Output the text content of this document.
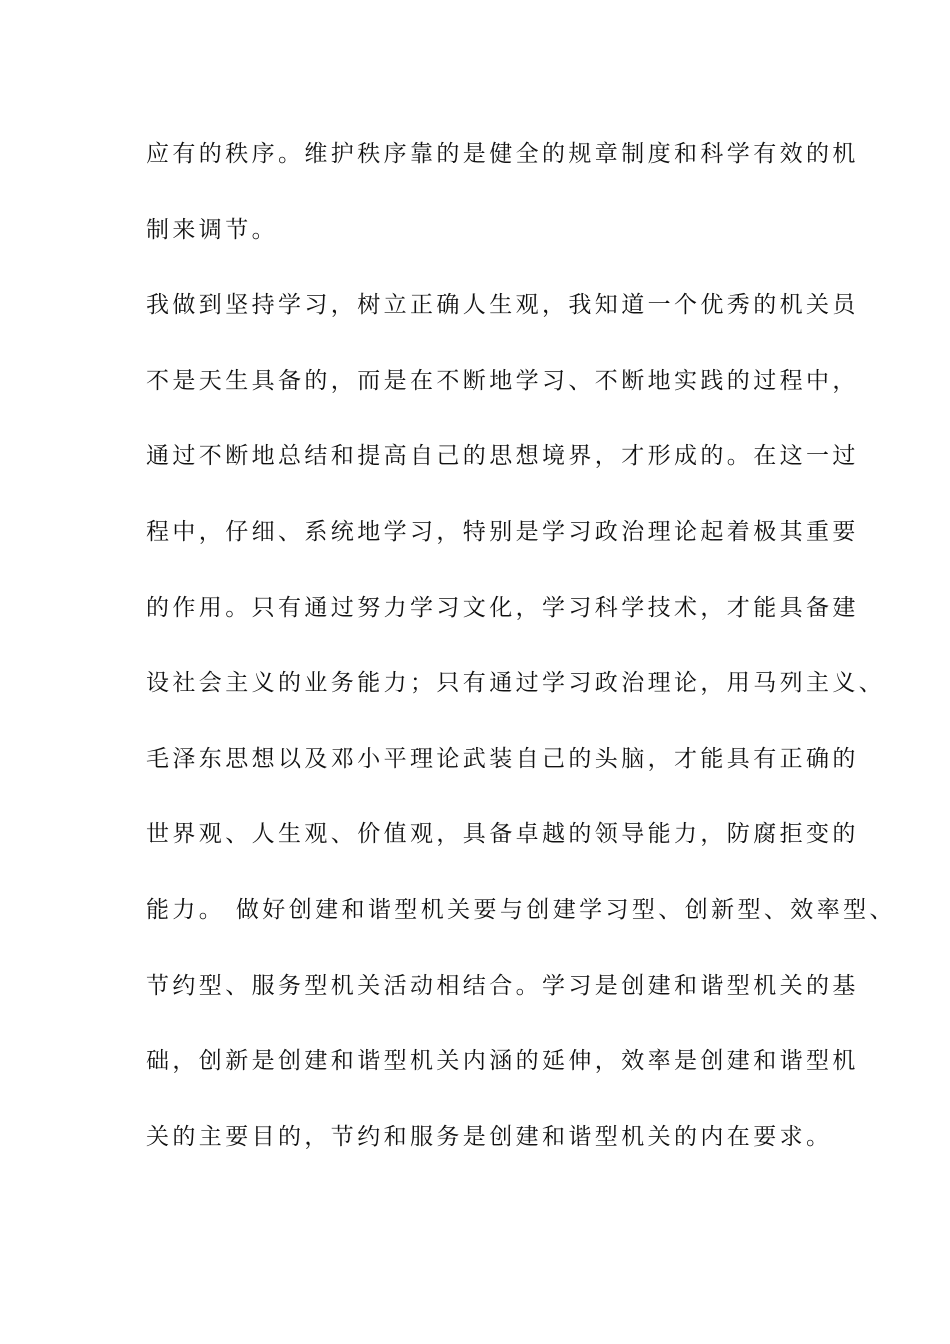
应有的秩序。维护秩序靠的是健全的规章制度和科学有效的机
制来调节。
我做到坚持学习，树立正确人生观，我知道一个优秀的机关员
不是天生具备的，而是在不断地学习、不断地实践的过程中，
通过不断地总结和提高自己的思想境界，才形成的。在这一过
程中，仔细、系统地学习，特别是学习政治理论起着极其重要
的作用。只有通过努力学习文化，学习科学技术，才能具备建
设社会主义的业务能力；只有通过学习政治理论，用马列主义、
毛泽东思想以及邓小平理论武装自己的头脑，才能具有正确的
世界观、人生观、价值观，具备卓越的领导能力，防腐拒变的
能力。 做好创建和谐型机关要与创建学习型、创新型、效率型、
节约型、服务型机关活动相结合。学习是创建和谐型机关的基
础，创新是创建和谐型机关内涵的延伸，效率是创建和谐型机
关的主要目的，节约和服务是创建和谐型机关的内在要求。
